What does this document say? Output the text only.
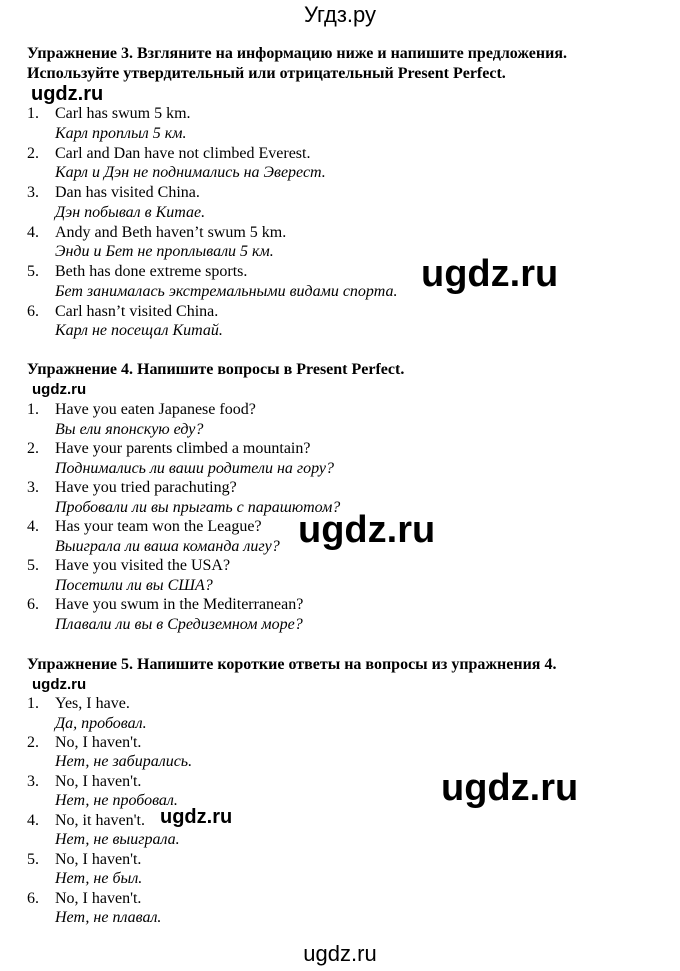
Угдз.ру
Упражнение 3. Взгляните на информацию ниже и напишите предложения.
Используйте утвердительный или отрицательный Present Perfect.
ugdz.ru
1. Carl has swum 5 km.
Карл проплыл 5 км.
2. Carl and Dan have not climbed Everest.
Карл и Дэн не поднимались на Эверест.
3. Dan has visited China.
Дэн побывал в Китае.
4. Andy and Beth haven’t swum 5 km.
Энди и Бет не проплывали 5 км.
5. Beth has done extreme sports.
Бет занималась экстремальными видами спорта.
6. Carl hasn’t visited China.
Карл не посещал Китай.
ugdz.ru
Упражнение 4. Напишите вопросы в Present Perfect.
ugdz.ru
1. Have you eaten Japanese food?
Вы ели японскую еду?
2. Have your parents climbed a mountain?
Поднимались ли ваши родители на гору?
3. Have you tried parachuting?
Пробовали ли вы прыгать с парашютом?
4. Has your team won the League?
Выиграла ли ваша команда лигу?
5. Have you visited the USA?
Посетили ли вы США?
6. Have you swum in the Mediterranean?
Плавали ли вы в Средиземном море?
ugdz.ru
Упражнение 5. Напишите короткие ответы на вопросы из упражнения 4.
ugdz.ru
1. Yes, I have.
Да, пробовал.
2. No, I haven't.
Нет, не забирались.
3. No, I haven't.
Нет, не пробовал.
4. No, it haven't.
Нет, не выиграла.
ugdz.ru
5. No, I haven't.
Нет, не был.
6. No, I haven't.
Нет, не плавал.
ugdz.ru
ugdz.ru
